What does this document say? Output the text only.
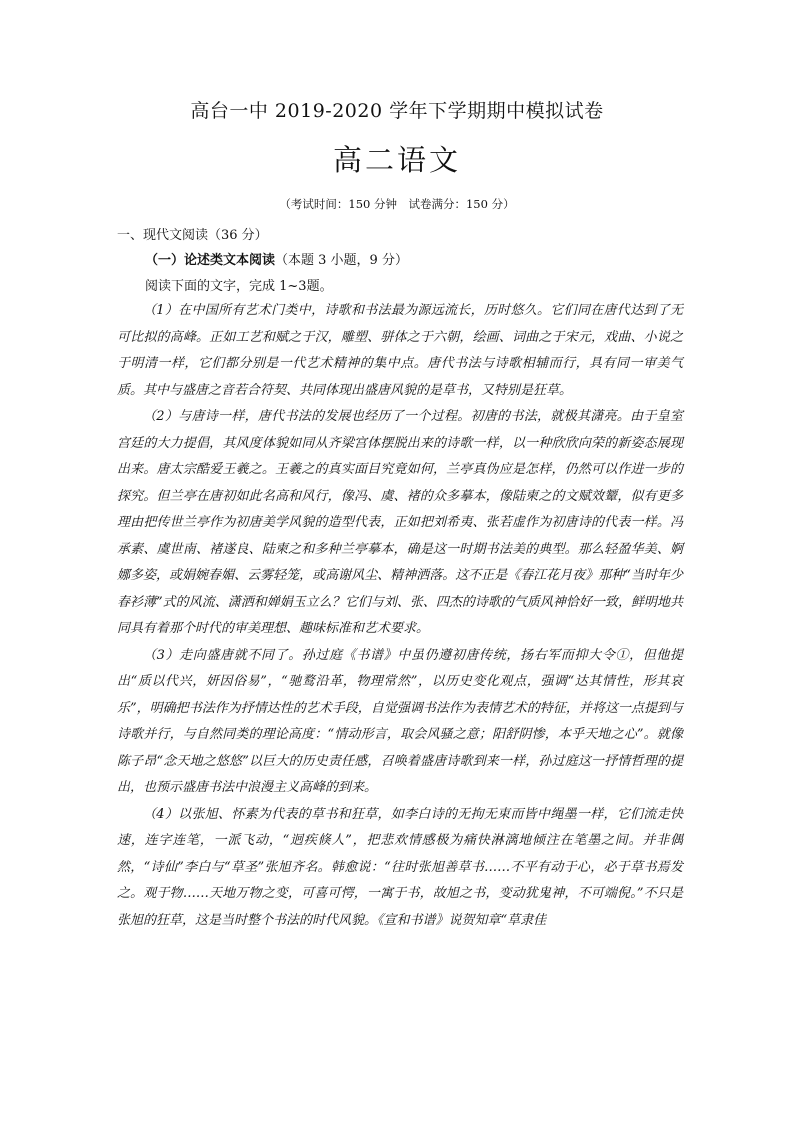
高台一中 2019-2020 学年下学期期中模拟试卷
高二语文
（考试时间：150 分钟　试卷满分：150 分）
一、现代文阅读（36 分）
（一）论述类文本阅读（本题 3 小题，9 分）
阅读下面的文字，完成 1~3题。

（1）在中国所有艺术门类中，诗歌和书法最为源远流长，历时悠久。它们同在唐代达到了无可比拟的高峰。正如工艺和赋之于汉，雕塑、骈体之于六朝，绘画、词曲之于宋元，戏曲、小说之于明清一样，它们都分别是一代艺术精神的集中点。唐代书法与诗歌相辅而行，具有同一审美气质。其中与盛唐之音若合符契、共同体现出盛唐风貌的是草书，又特别是狂草。

（2）与唐诗一样，唐代书法的发展也经历了一个过程。初唐的书法，就极其潇亮。由于皇室宫廷的大力提倡，其风度体貌如同从齐梁宫体摆脱出来的诗歌一样，以一种欣欣向荣的新姿态展现出来。唐太宗酷爱王羲之。王羲之的真实面目究竟如何，兰亭真伪应是怎样，仍然可以作进一步的探究。但兰亭在唐初如此名高和风行，像冯、虞、褚的众多摹本，像陆柬之的文赋效颦，似有更多理由把传世兰亭作为初唐美学风貌的造型代表，正如把刘希夷、张若虚作为初唐诗的代表一样。冯承素、虞世南、褚遂良、陆柬之和多种兰亭摹本，确是这一时期书法美的典型。那么轻盈华美、婀娜多姿，或娟婉春媚、云雾轻笼，或高谢风尘、精神洒落。这不正是《春江花月夜》那种“当时年少春衫薄”式的风流、潇洒和婵娟玉立么？它们与刘、张、四杰的诗歌的气质风神恰好一致，鲜明地共同具有着那个时代的审美理想、趣味标准和艺术要求。

（3）走向盛唐就不同了。孙过庭《书谱》中虽仍遵初唐传统，扬右军而抑大令①，但他提出“质以代兴，妍因俗易”，“驰鹜沿革，物理常然”，以历史变化观点，强调“达其情性，形其哀乐”，明确把书法作为抒情达性的艺术手段，自觉强调书法作为表情艺术的特征，并将这一点提到与诗歌并行，与自然同类的理论高度：“情动形言，取会风骚之意；阳舒阴惨，本乎天地之心”。就像陈子昂“念天地之悠悠”以巨大的历史责任感，召唤着盛唐诗歌到来一样，孙过庭这一抒情哲理的提出，也预示盛唐书法中浪漫主义高峰的到来。

（4）以张旭、怀素为代表的草书和狂草，如李白诗的无拘无束而皆中绳墨一样，它们流走快速，连字连笔，一派飞动，“迥疾倏人”，把悲欢情感极为痛快淋漓地倾注在笔墨之间。并非偶然，“诗仙”李白与“草圣”张旭齐名。韩愈说：“往时张旭善草书……不平有动于心，必于草书焉发之。观于物……天地万物之变，可喜可愕，一寓于书，故旭之书，变动犹鬼神，不可端倪。”不只是张旭的狂草，这是当时整个书法的时代风貌。《宣和书谱》说贺知章“草隶佳
